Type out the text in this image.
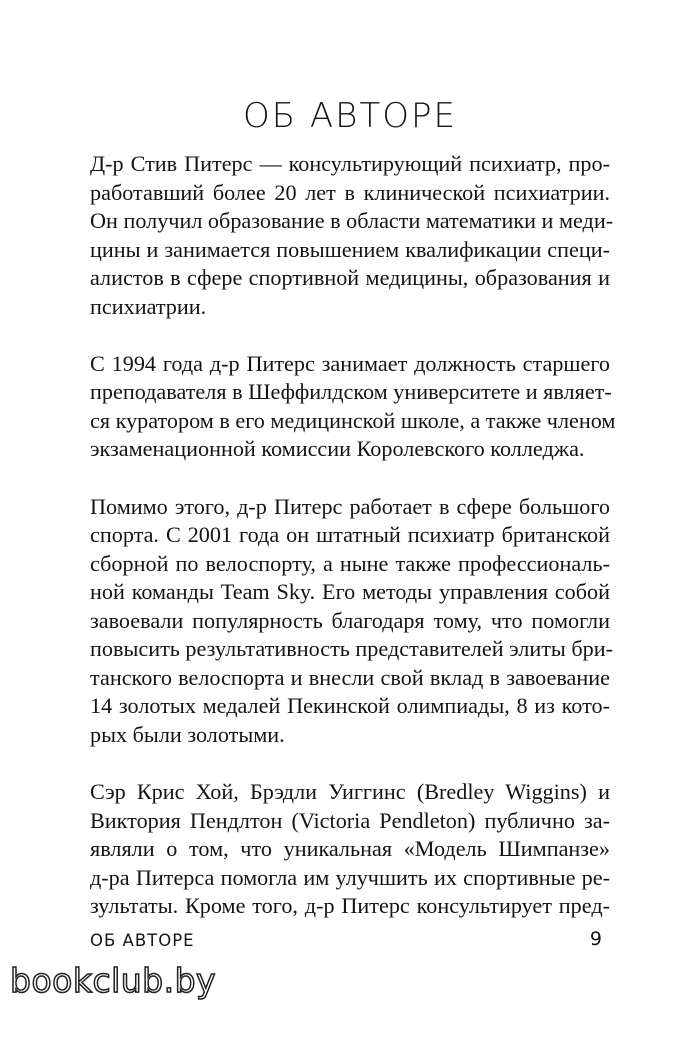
ОБ АВТОРЕ

Д-р Стив Питерс — консультирующий психиатр, про-
работавший более 20 лет в клинической психиатрии.
Он получил образование в области математики и меди-
цины и занимается повышением квалификации специ-
алистов в сфере спортивной медицины, образования и
психиатрии.

С 1994 года д-р Питерс занимает должность старшего
преподавателя в Шеффилдском университете и являет-
ся куратором в его медицинской школе, а также членом
экзаменационной комиссии Королевского колледжа.

Помимо этого, д-р Питерс работает в сфере большого
спорта. С 2001 года он штатный психиатр британской
сборной по велоспорту, а ныне также профессиональ-
ной команды Team Sky. Его методы управления собой
завоевали популярность благодаря тому, что помогли
повысить результативность представителей элиты бри-
танского велоспорта и внесли свой вклад в завоевание
14 золотых медалей Пекинской олимпиады, 8 из кото-
рых были золотыми.

Сэр Крис Хой, Брэдли Уиггинс (Bredley Wiggins) и
Виктория Пендлтон (Victoria Pendleton) публично за-
являли о том, что уникальная «Модель Шимпанзе»
д-ра Питерса помогла им улучшить их спортивные ре-
зультаты. Кроме того, д-р Питерс консультирует пред-

ОБ АВТОРЕ	9
bookclub.by
